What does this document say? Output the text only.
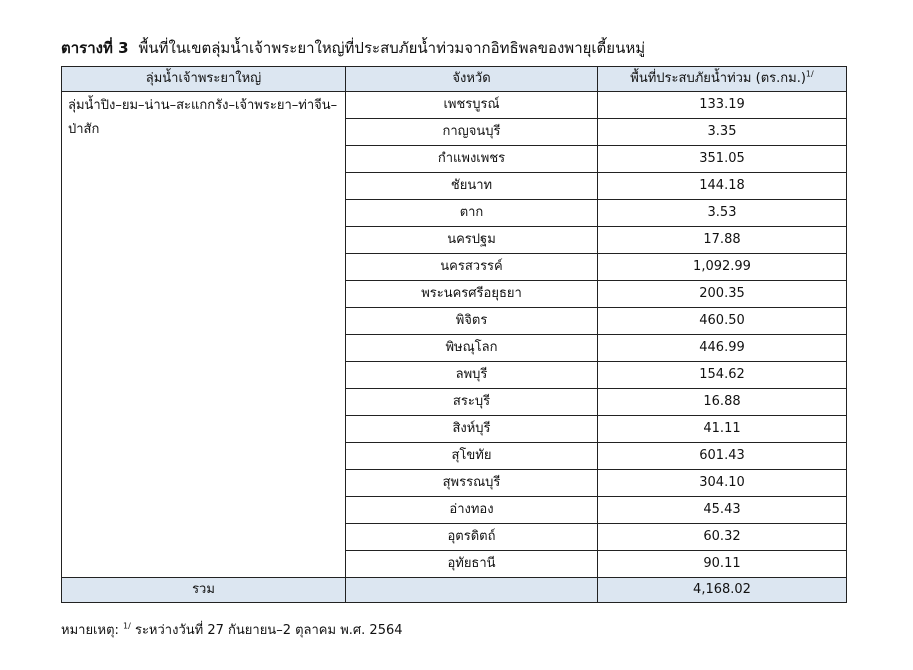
ตารางที่ 3 พื้นที่ในเขตลุ่มน้ำเจ้าพระยาใหญ่ที่ประสบภัยน้ำท่วมจากอิทธิพลของพายุเตี้ยนหมู่
ลุ่มน้ำเจ้าพระยาใหญ่	จังหวัด	พื้นที่ประสบภัยน้ำท่วม (ตร.กม.)$^{1/}$
ลุ่มน้ำปิง–ยม–น่าน–สะแกกรัง–เจ้าพระยา–ท่าจีน–ป่าสัก	เพชรบูรณ์	133.19
	กาญจนบุรี	3.35
	กำแพงเพชร	351.05
	ชัยนาท	144.18
	ตาก	3.53
	นครปฐม	17.88
	นครสวรรค์	1,092.99
	พระนครศรีอยุธยา	200.35
	พิจิตร	460.50
	พิษณุโลก	446.99
	ลพบุรี	154.62
	สระบุรี	16.88
	สิงห์บุรี	41.11
	สุโขทัย	601.43
	สุพรรณบุรี	304.10
	อ่างทอง	45.43
	อุตรดิตถ์	60.32
	อุทัยธานี	90.11
รวม		4,168.02
หมายเหตุ: $^{1/}$ ระหว่างวันที่ 27 กันยายน–2 ตุลาคม พ.ศ. 2564
